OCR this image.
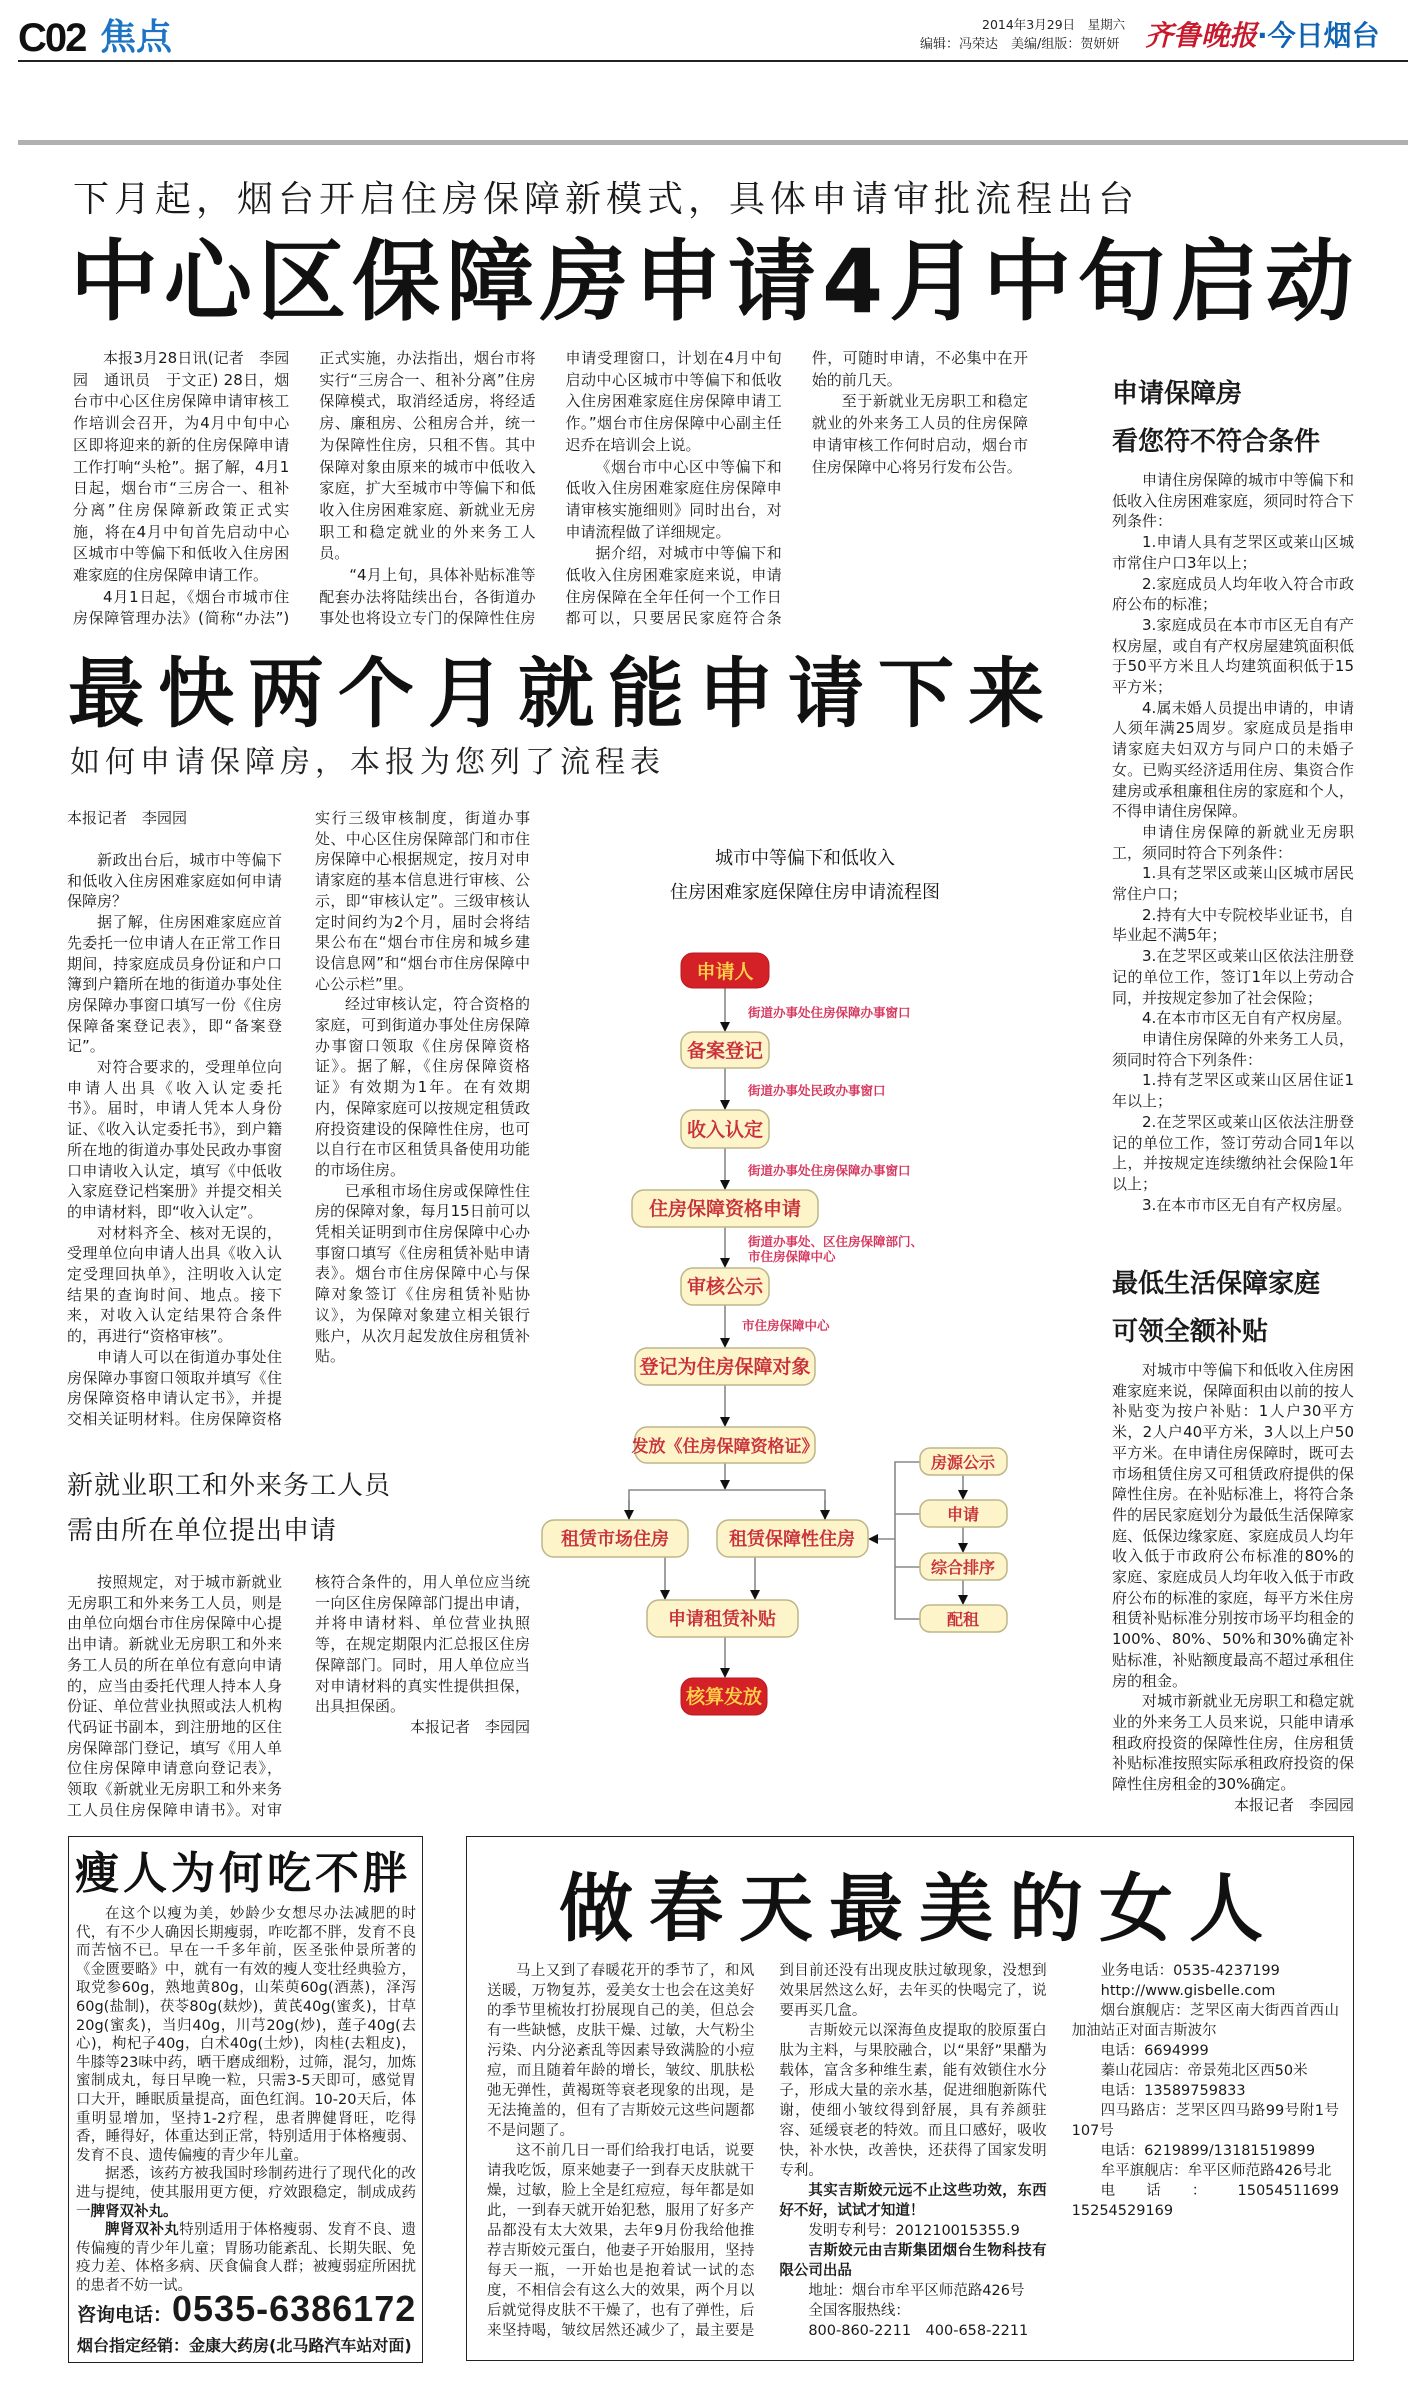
C02 焦点	2014年3月29日　星期六
编辑：冯荣达　美编/组版：贺妍妍 齐鲁晚报·今日烟台
下月起，烟台开启住房保障新模式，具体申请审批流程出台
中心区保障房申请4月中旬启动

本报3月28日讯(记者　李园园　通讯员　于文正) 28日，烟台市中心区住房保障申请审核工作培训会召开，为4月中旬中心区即将迎来的新的住房保障申请工作打响“头枪”。据了解，4月1日起，烟台市“三房合一、租补分离”住房保障新政策正式实施，将在4月中旬首先启动中心区城市中等偏下和低收入住房困难家庭的住房保障申请工作。

4月1日起，《烟台市城市住房保障管理办法》(简称“办法”)正式实施，办法指出，烟台市将实行“三房合一、租补分离”住房保障模式，取消经适房，将经适房、廉租房、公租房合并，统一为保障性住房，只租不售。其中保障对象由原来的城市中低收入家庭，扩大至城市中等偏下和低收入住房困难家庭、新就业无房职工和稳定就业的外来务工人员。

“4月上旬，具体补贴标准等配套办法将陆续出台，各街道办事处也将设立专门的保障性住房申请受理窗口，计划在4月中旬启动中心区城市中等偏下和低收入住房困难家庭住房保障申请工作。”烟台市住房保障中心副主任迟乔在培训会上说。

《烟台市中心区中等偏下和低收入住房困难家庭住房保障申请审核实施细则》同时出台，对申请流程做了详细规定。

据介绍，对城市中等偏下和低收入住房困难家庭来说，申请住房保障在全年任何一个工作日都可以，只要居民家庭符合条件，可随时申请，不必集中在开始的前几天。

至于新就业无房职工和稳定就业的外来务工人员的住房保障申请审核工作何时启动，烟台市住房保障中心将另行发布公告。

最快两个月就能申请下来
如何申请保障房，本报为您列了流程表

本报记者　李园园

新政出台后，城市中等偏下和低收入住房困难家庭如何申请保障房？

据了解，住房困难家庭应首先委托一位申请人在正常工作日期间，持家庭成员身份证和户口簿到户籍所在地的街道办事处住房保障办事窗口填写一份《住房保障备案登记表》，即“备案登记”。

对符合要求的，受理单位向申请人出具《收入认定委托书》。届时，申请人凭本人身份证、《收入认定委托书》，到户籍所在地的街道办事处民政办事窗口申请收入认定，填写《中低收入家庭登记档案册》并提交相关的申请材料，即“收入认定”。

对材料齐全、核对无误的，受理单位向申请人出具《收入认定受理回执单》，注明收入认定结果的查询时间、地点。接下来，对收入认定结果符合条件的，再进行“资格审核”。

申请人可以在街道办事处住房保障办事窗口领取并填写《住房保障资格申请认定书》，并提交相关证明材料。住房保障资格实行三级审核制度，街道办事处、中心区住房保障部门和市住房保障中心根据规定，按月对申请家庭的基本信息进行审核、公示，即“审核认定”。三级审核认定时间约为2个月，届时会将结果公布在“烟台市住房和城乡建设信息网”和“烟台市住房保障中心公示栏”里。

经过审核认定，符合资格的家庭，可到街道办事处住房保障办事窗口领取《住房保障资格证》。据了解，《住房保障资格证》有效期为1年。在有效期内，保障家庭可以按规定租赁政府投资建设的保障性住房，也可以自行在市区租赁具备使用功能的市场住房。

已承租市场住房或保障性住房的保障对象，每月15日前可以凭相关证明到市住房保障中心办事窗口填写《住房租赁补贴申请表》。烟台市住房保障中心与保障对象签订《住房租赁补贴协议》，为保障对象建立相关银行账户，从次月起发放住房租赁补贴。

城市中等偏下和低收入
住房困难家庭保障住房申请流程图
申请人
备案登记
收入认定
住房保障资格申请
审核公示
登记为住房保障对象
发放《住房保障资格证》
租赁市场住房	租赁保障性住房
申请租赁补贴
核算发放
房源公示
申请
综合排序
配租
街道办事处住房保障办事窗口
街道办事处民政办事窗口
街道办事处住房保障办事窗口
街道办事处、区住房保障部门、
市住房保障中心
市住房保障中心
新就业职工和外来务工人员
需由所在单位提出申请

按照规定，对于城市新就业无房职工和外来务工人员，则是由单位向烟台市住房保障中心提出申请。新就业无房职工和外来务工人员的所在单位有意向申请的，应当由委托代理人持本人身份证、单位营业执照或法人机构代码证书副本，到注册地的区住房保障部门登记，填写《用人单位住房保障申请意向登记表》，领取《新就业无房职工和外来务工人员住房保障申请书》。对审核符合条件的，用人单位应当统一向区住房保障部门提出申请，并将申请材料、单位营业执照等，在规定期限内汇总报区住房保障部门。同时，用人单位应当对申请材料的真实性提供担保，出具担保函。

本报记者　李园园

申请保障房
看您符不符合条件

申请住房保障的城市中等偏下和低收入住房困难家庭，须同时符合下列条件：

1.申请人具有芝罘区或莱山区城市常住户口3年以上；

2.家庭成员人均年收入符合市政府公布的标准；

3.家庭成员在本市市区无自有产权房屋，或自有产权房屋建筑面积低于50平方米且人均建筑面积低于15平方米；

4.属未婚人员提出申请的，申请人须年满25周岁。家庭成员是指申请家庭夫妇双方与同户口的未婚子女。已购买经济适用住房、集资合作建房或承租廉租住房的家庭和个人，不得申请住房保障。

申请住房保障的新就业无房职工，须同时符合下列条件：

1.具有芝罘区或莱山区城市居民常住户口；

2.持有大中专院校毕业证书，自毕业起不满5年；

3.在芝罘区或莱山区依法注册登记的单位工作，签订1年以上劳动合同，并按规定参加了社会保险；

4.在本市市区无自有产权房屋。

申请住房保障的外来务工人员，须同时符合下列条件：

1.持有芝罘区或莱山区居住证1年以上；

2.在芝罘区或莱山区依法注册登记的单位工作，签订劳动合同1年以上，并按规定连续缴纳社会保险1年以上；

3.在本市市区无自有产权房屋。

最低生活保障家庭
可领全额补贴

对城市中等偏下和低收入住房困难家庭来说，保障面积由以前的按人补贴变为按户补贴：1人户30平方米，2人户40平方米，3人以上户50平方米。在申请住房保障时，既可去市场租赁住房又可租赁政府提供的保障性住房。在补贴标准上，将符合条件的居民家庭划分为最低生活保障家庭、低保边缘家庭、家庭成员人均年收入低于市政府公布标准的80%的家庭、家庭成员人均年收入低于市政府公布的标准的家庭，每平方米住房租赁补贴标准分别按市场平均租金的100%、80%、50%和30%确定补贴标准，补贴额度最高不超过承租住房的租金。

对城市新就业无房职工和稳定就业的外来务工人员来说，只能申请承租政府投资的保障性住房，住房租赁补贴标准按照实际承租政府投资的保障性住房租金的30%确定。

本报记者　李园园

瘦人为何吃不胖

在这个以瘦为美，妙龄少女想尽办法减肥的时代，有不少人确因长期瘦弱，咋吃都不胖，发育不良而苦恼不已。早在一千多年前，医圣张仲景所著的《金匮要略》中，就有一有效的瘦人变壮经典验方，取党参60g，熟地黄80g，山茱萸60g(酒蒸)，泽泻60g(盐制)，茯苓80g(麸炒)，黄芪40g(蜜炙)，甘草20g(蜜炙)，当归40g，川芎20g(炒)，莲子40g(去心)，枸杞子40g，白术40g(土炒)，肉桂(去粗皮)，牛膝等23味中药，晒干磨成细粉，过筛，混匀，加炼蜜制成丸，每日早晚一粒，只需3-5天即可，感觉胃口大开，睡眠质量提高，面色红润。10-20天后，体重明显增加，坚持1-2疗程，患者脾健肾旺，吃得香，睡得好，体重达到正常，特别适用于体格瘦弱、发育不良、遗传偏瘦的青少年儿童。

据悉，该药方被我国时珍制药进行了现代化的改进与提纯，使其服用更方便，疗效跟稳定，制成成药一脾肾双补丸。

脾肾双补丸特别适用于体格瘦弱、发育不良、遗传偏瘦的青少年儿童；胃肠功能紊乱、长期失眠、免疫力差、体格多病、厌食偏食人群；被瘦弱症所困扰的患者不妨一试。

咨询电话：0535-6386172
烟台指定经销：金康大药房(北马路汽车站对面)
做春天最美的女人

马上又到了春暖花开的季节了，和风送暖，万物复苏，爱美女士也会在这美好的季节里梳妆打扮展现自己的美，但总会有一些缺憾，皮肤干燥、过敏，大气粉尘污染、内分泌紊乱等因素导致满脸的小痘痘，而且随着年龄的增长，皱纹、肌肤松弛无弹性，黄褐斑等衰老现象的出现，是无法掩盖的，但有了吉斯姣元这些问题都不是问题了。

这不前几日一哥们给我打电话，说要请我吃饭，原来她妻子一到春天皮肤就干燥，过敏，脸上全是红痘痘，每年都是如此，一到春天就开始犯愁，服用了好多产品都没有太大效果，去年9月份我给他推荐吉斯姣元蛋白，他妻子开始服用，坚持每天一瓶，一开始也是抱着试一试的态度，不相信会有这么大的效果，两个月以后就觉得皮肤不干燥了，也有了弹性，后来坚持喝，皱纹居然还减少了，最主要是到目前还没有出现皮肤过敏现象，没想到效果居然这么好，去年买的快喝完了，说要再买几盒。

吉斯姣元以深海鱼皮提取的胶原蛋白肽为主料，与果胶融合，以“果舒”果醋为载体，富含多种维生素，能有效锁住水分子，形成大量的亲水基，促进细胞新陈代谢，使细小皱纹得到舒展，具有养颜驻容、延缓衰老的特效。而且口感好，吸收快，补水快，改善快，还获得了国家发明专利。

其实吉斯姣元远不止这些功效，东西好不好，试试才知道！

发明专利号：201210015355.9

吉斯姣元由吉斯集团烟台生物科技有限公司出品

地址：烟台市牟平区师范路426号

全国客服热线：

800-860-2211　400-658-2211

业务电话：0535-4237199

http://www.gisbelle.com

烟台旗舰店：芝罘区南大街西首西山加油站正对面吉斯波尔

电话：6694999

蓁山花园店：帝景苑北区西50米

电话：13589759833

四马路店：芝罘区四马路99号附1号107号

电话：6219899/13181519899

牟平旗舰店：牟平区师范路426号北

电话：15054511699　15254529169
